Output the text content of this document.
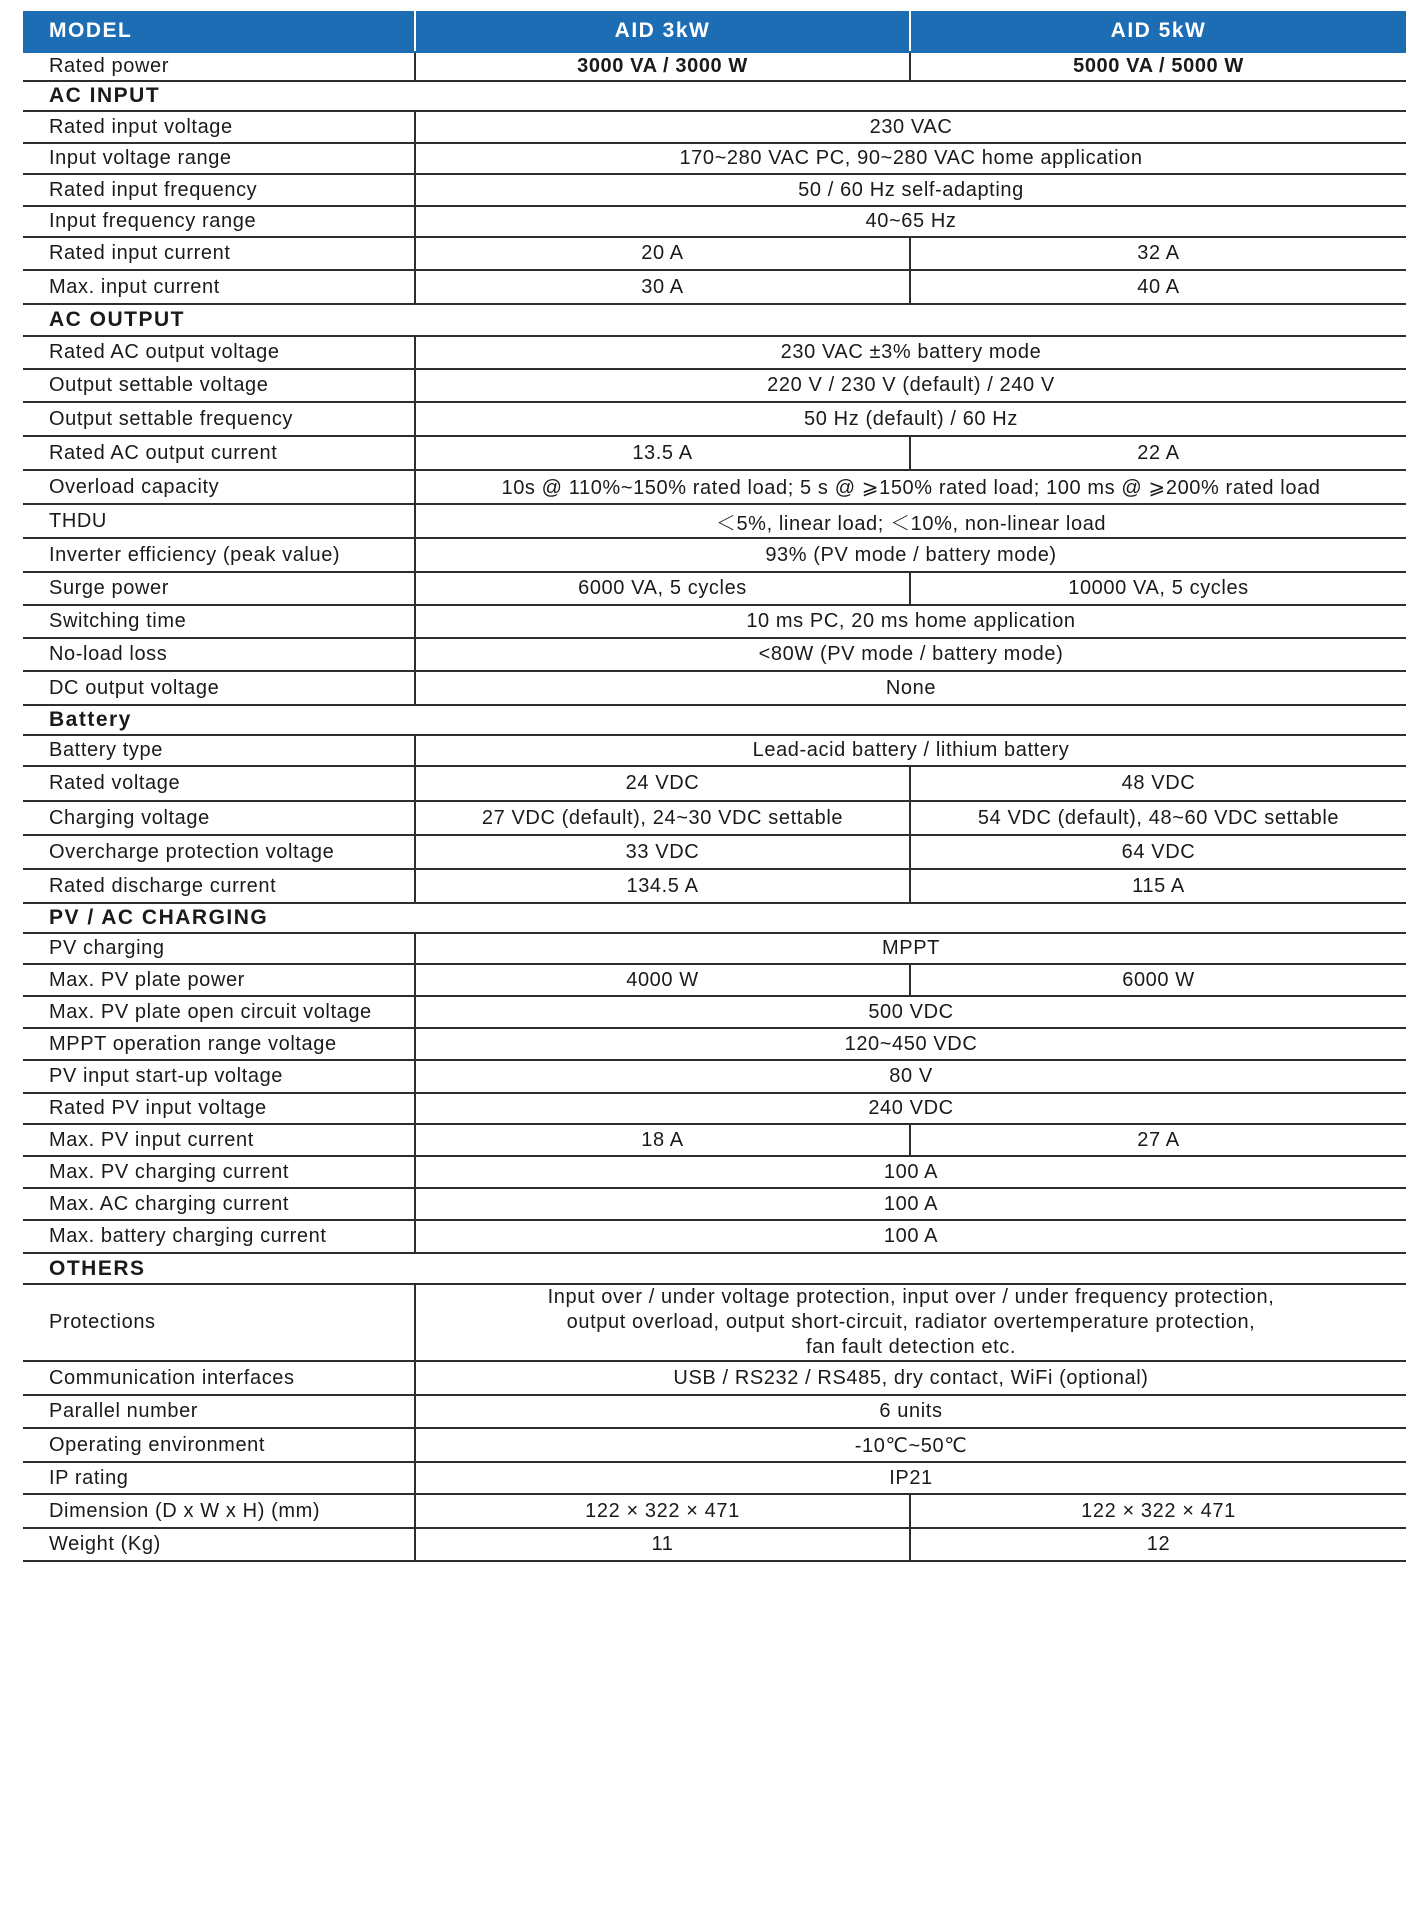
MODEL	AID 3kW	AID 5kW
Rated power	3000 VA / 3000 W	5000 VA / 5000 W
AC INPUT		
Rated input voltage	230 VAC	
Input voltage range	170~280 VAC PC, 90~280 VAC home application	
Rated input frequency	50 / 60 Hz self-adapting	
Input frequency range	40~65 Hz	
Rated input current	20 A	32 A
Max. input current	30 A	40 A
AC OUTPUT		
Rated AC output voltage	230 VAC ±3% battery mode	
Output settable voltage	220 V / 230 V (default) / 240 V	
Output settable frequency	50 Hz (default) / 60 Hz	
Rated AC output current	13.5 A	22 A
Overload capacity	10s @ 110%~150% rated load; 5 s @ ⩾150% rated load; 100 ms @ ⩾200% rated load	
THDU	＜5%, linear load; ＜10%, non-linear load	
Inverter efficiency (peak value)	93% (PV mode / battery mode)	
Surge power	6000 VA, 5 cycles	10000 VA, 5 cycles
Switching time	10 ms PC, 20 ms home application	
No-load loss	<80W (PV mode / battery mode)	
DC output voltage	None	
Battery		
Battery type	Lead-acid battery / lithium battery	
Rated voltage	24 VDC	48 VDC
Charging voltage	27 VDC (default), 24~30 VDC settable	54 VDC (default), 48~60 VDC settable
Overcharge protection voltage	33 VDC	64 VDC
Rated discharge current	134.5 A	115 A
PV / AC CHARGING		
PV charging	MPPT	
Max. PV plate power	4000 W	6000 W
Max. PV plate open circuit voltage	500 VDC	
MPPT operation range voltage	120~450 VDC	
PV input start-up voltage	80 V	
Rated PV input voltage	240 VDC	
Max. PV input current	18 A	27 A
Max. PV charging current	100 A	
Max. AC charging current	100 A	
Max. battery charging current	100 A	
OTHERS		
Protections	Input over / under voltage protection, input over / under frequency protection,
output overload, output short-circuit, radiator overtemperature protection,
fan fault detection etc.	
Communication interfaces	USB / RS232 / RS485, dry contact, WiFi (optional)	
Parallel number	6 units	
Operating environment	-10℃~50℃	
IP rating	IP21	
Dimension (D x W x H) (mm)	122 × 322 × 471	122 × 322 × 471
Weight (Kg)	11	12
